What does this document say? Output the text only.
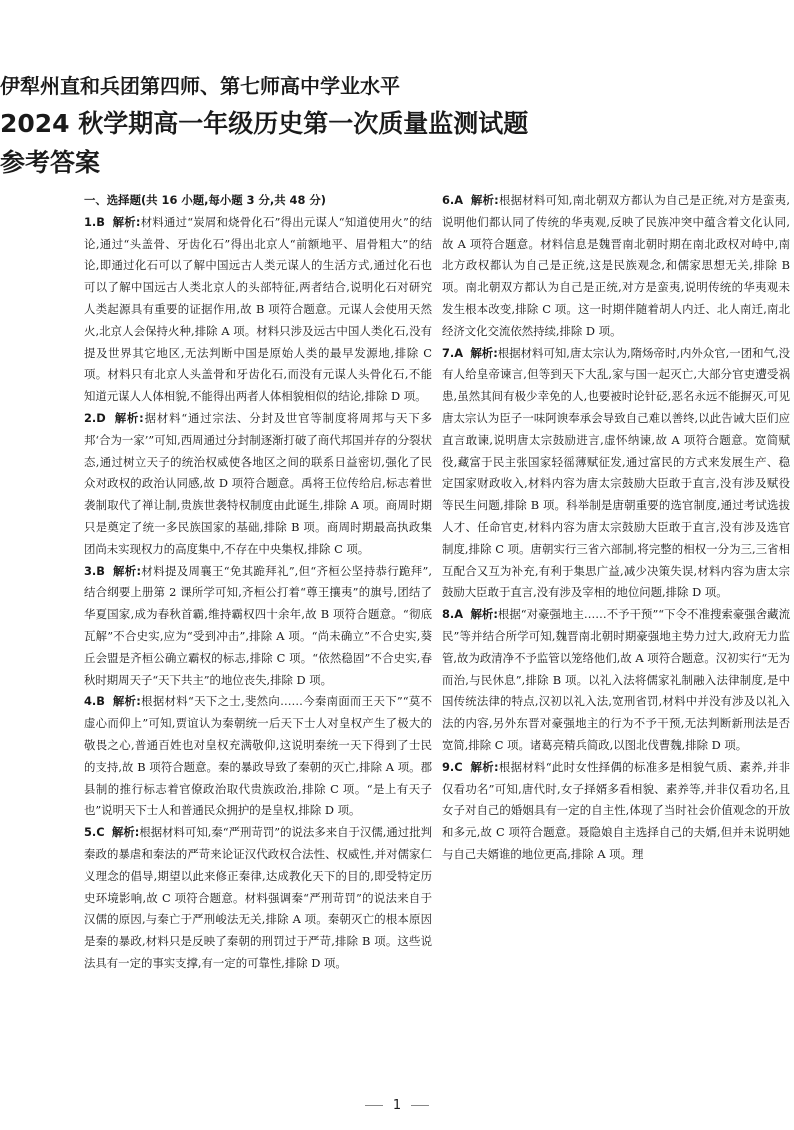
伊犁州直和兵团第四师、第七师高中学业水平
2024 秋学期高一年级历史第一次质量监测试题
参考答案
一、选择题(共 16 小题,每小题 3 分,共 48 分)
1.B 解析:材料通过“炭屑和烧骨化石”得出元谋人“知道使用火”的结论,通过“头盖骨、牙齿化石”得出北京人“前额地平、眉骨粗大”的结论,即通过化石可以了解中国远古人类元谋人的生活方式,通过化石也可以了解中国远古人类北京人的头部特征,两者结合,说明化石对研究人类起源具有重要的证据作用,故 B 项符合题意。元谋人会使用天然火,北京人会保持火种,排除 A 项。材料只涉及远古中国人类化石,没有提及世界其它地区,无法判断中国是原始人类的最早发源地,排除 C 项。材料只有北京人头盖骨和牙齿化石,而没有元谋人头骨化石,不能知道元谋人人体相貌,不能得出两者人体相貌相似的结论,排除 D 项。
2.D 解析:据材料“通过宗法、分封及世官等制度将周邦与天下多邦‘合为一家’”可知,西周通过分封制逐渐打破了商代邦国并存的分裂状态,通过树立天子的统治权威使各地区之间的联系日益密切,强化了民众对政权的政治认同感,故 D 项符合题意。禹将王位传给启,标志着世袭制取代了禅让制,贵族世袭特权制度由此诞生,排除 A 项。商周时期只是奠定了统一多民族国家的基础,排除 B 项。商周时期最高执政集团尚未实现权力的高度集中,不存在中央集权,排除 C 项。
3.B 解析:材料提及周襄王“免其跪拜礼”,但“齐桓公坚持恭行跪拜”,结合纲要上册第 2 课所学可知,齐桓公打着“尊王攘夷”的旗号,团结了华夏国家,成为春秋首霸,维持霸权四十余年,故 B 项符合题意。“彻底瓦解”不合史实,应为“受到冲击”,排除 A 项。“尚未确立”不合史实,葵丘会盟是齐桓公确立霸权的标志,排除 C 项。“依然稳固”不合史实,春秋时期周天子“天下共主”的地位丧失,排除 D 项。
4.B 解析:根据材料“天下之士,斐然向……今秦南面而王天下”“莫不虚心而仰上”可知,贾谊认为秦朝统一后天下士人对皇权产生了极大的敬畏之心,普通百姓也对皇权充满敬仰,这说明秦统一天下得到了士民的支持,故 B 项符合题意。秦的暴政导致了秦朝的灭亡,排除 A 项。郡县制的推行标志着官僚政治取代贵族政治,排除 C 项。“是上有天子也”说明天下士人和普通民众拥护的是皇权,排除 D 项。
5.C 解析:根据材料可知,秦“严刑苛罚”的说法多来自于汉儒,通过批判秦政的暴虐和秦法的严苛来论证汉代政权合法性、权威性,并对儒家仁义理念的倡导,期望以此来修正秦律,达成教化天下的目的,即受特定历史环境影响,故 C 项符合题意。材料强调秦“严刑苛罚”的说法来自于汉儒的原因,与秦亡于严刑峻法无关,排除 A 项。秦朝灭亡的根本原因是秦的暴政,材料只是反映了秦朝的刑罚过于严苛,排除 B 项。这些说法具有一定的事实支撑,有一定的可靠性,排除 D 项。
6.A 解析:根据材料可知,南北朝双方都认为自己是正统,对方是蛮夷,说明他们都认同了传统的华夷观,反映了民族冲突中蕴含着文化认同,故 A 项符合题意。材料信息是魏晋南北朝时期在南北政权对峙中,南北方政权都认为自己是正统,这是民族观念,和儒家思想无关,排除 B 项。南北朝双方都认为自己是正统,对方是蛮夷,说明传统的华夷观未发生根本改变,排除 C 项。这一时期伴随着胡人内迁、北人南迁,南北经济文化交流依然持续,排除 D 项。
7.A 解析:根据材料可知,唐太宗认为,隋炀帝时,内外众官,一团和气,没有人给皇帝谏言,但等到天下大乱,家与国一起灭亡,大部分官吏遭受祸患,虽然其间有极少幸免的人,也要被时论针砭,恶名永远不能摒灭,可见唐太宗认为臣子一味阿谀奉承会导致自己难以善终,以此告诫大臣们应直言敢谏,说明唐太宗鼓励进言,虚怀纳谏,故 A 项符合题意。宽简赋役,藏富于民主张国家轻徭薄赋征发,通过富民的方式来发展生产、稳定国家财政收入,材料内容为唐太宗鼓励大臣敢于直言,没有涉及赋役等民生问题,排除 B 项。科举制是唐朝重要的选官制度,通过考试选拔人才、任命官吏,材料内容为唐太宗鼓励大臣敢于直言,没有涉及选官制度,排除 C 项。唐朝实行三省六部制,将完整的相权一分为三,三省相互配合又互为补充,有利于集思广益,减少决策失误,材料内容为唐太宗鼓励大臣敢于直言,没有涉及宰相的地位问题,排除 D 项。
8.A 解析:根据“对豪强地主……不予干预”“下令不准搜索豪强舍藏流民”等并结合所学可知,魏晋南北朝时期豪强地主势力过大,政府无力监管,故为政清净不予监管以笼络他们,故 A 项符合题意。汉初实行“无为而治,与民休息”,排除 B 项。以礼入法将儒家礼制融入法律制度,是中国传统法律的特点,汉初以礼入法,宽刑省罚,材料中并没有涉及以礼入法的内容,另外东晋对豪强地主的行为不予干预,无法判断新刑法是否宽简,排除 C 项。诸葛亮精兵简政,以图北伐曹魏,排除 D 项。
9.C 解析:根据材料“此时女性择偶的标准多是相貌气质、素养,并非仅看功名”可知,唐代时,女子择婿多看相貌、素养等,并非仅看功名,且女子对自己的婚姻具有一定的自主性,体现了当时社会价值观念的开放和多元,故 C 项符合题意。聂隐娘自主选择自己的夫婿,但并未说明她与自己夫婿谁的地位更高,排除 A 项。理
1
